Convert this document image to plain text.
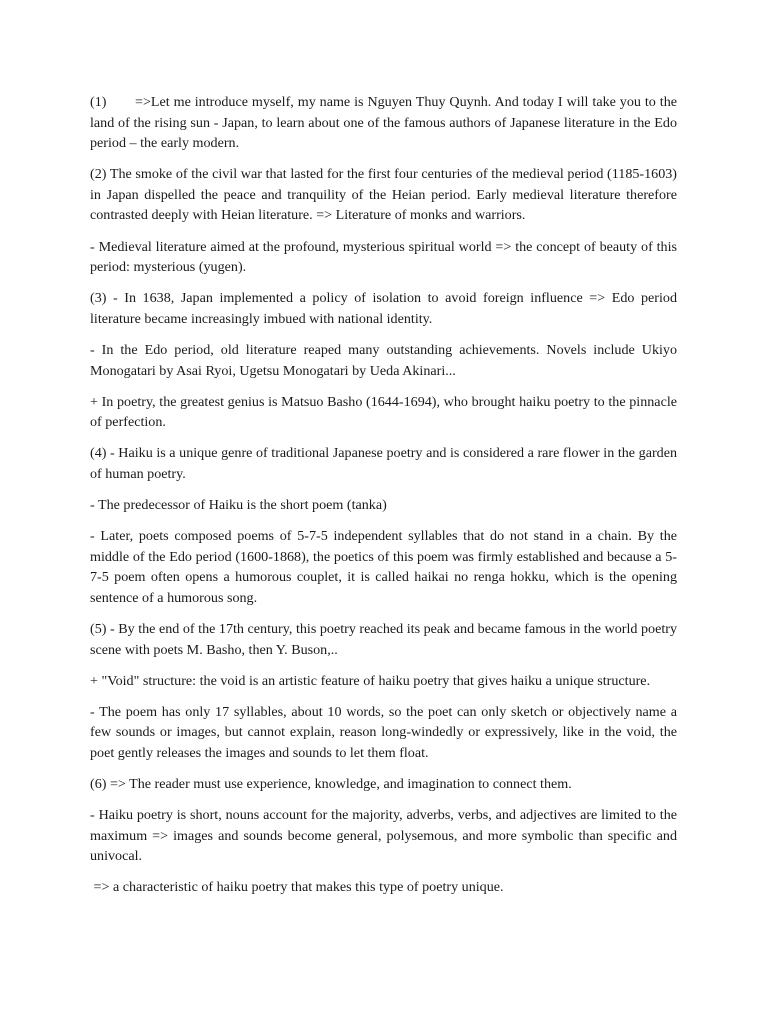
(1) =>Let me introduce myself, my name is Nguyen Thuy Quynh. And today I will take you to the land of the rising sun - Japan, to learn about one of the famous authors of Japanese literature in the Edo period – the early modern.

(2) The smoke of the civil war that lasted for the first four centuries of the medieval period (1185-1603) in Japan dispelled the peace and tranquility of the Heian period. Early medieval literature therefore contrasted deeply with Heian literature. => Literature of monks and warriors.

- Medieval literature aimed at the profound, mysterious spiritual world => the concept of beauty of this period: mysterious (yugen).

(3) - In 1638, Japan implemented a policy of isolation to avoid foreign influence => Edo period literature became increasingly imbued with national identity.

- In the Edo period, old literature reaped many outstanding achievements. Novels include Ukiyo Monogatari by Asai Ryoi, Ugetsu Monogatari by Ueda Akinari...

+ In poetry, the greatest genius is Matsuo Basho (1644-1694), who brought haiku poetry to the pinnacle of perfection.

(4) - Haiku is a unique genre of traditional Japanese poetry and is considered a rare flower in the garden of human poetry.

- The predecessor of Haiku is the short poem (tanka)

- Later, poets composed poems of 5-7-5 independent syllables that do not stand in a chain. By the middle of the Edo period (1600-1868), the poetics of this poem was firmly established and because a 5-7-5 poem often opens a humorous couplet, it is called haikai no renga hokku, which is the opening sentence of a humorous song.

(5) - By the end of the 17th century, this poetry reached its peak and became famous in the world poetry scene with poets M. Basho, then Y. Buson,..

+ "Void" structure: the void is an artistic feature of haiku poetry that gives haiku a unique structure.

- The poem has only 17 syllables, about 10 words, so the poet can only sketch or objectively name a few sounds or images, but cannot explain, reason long-windedly or expressively, like in the void, the poet gently releases the images and sounds to let them float.

(6) => The reader must use experience, knowledge, and imagination to connect them.

- Haiku poetry is short, nouns account for the majority, adverbs, verbs, and adjectives are limited to the maximum => images and sounds become general, polysemous, and more symbolic than specific and univocal.

=> a characteristic of haiku poetry that makes this type of poetry unique.
